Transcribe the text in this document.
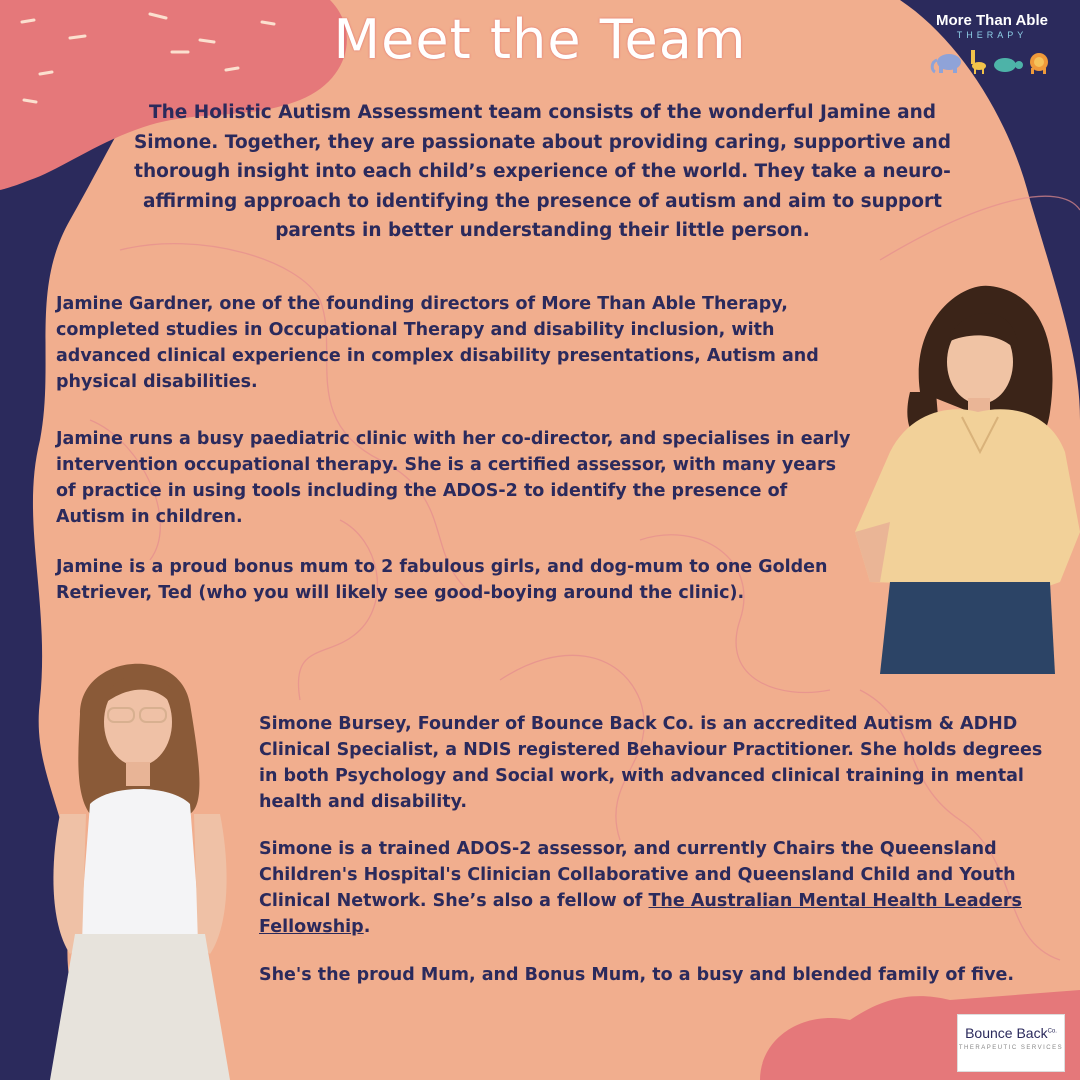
Meet the Team	More Than Able
THERAPY

The Holistic Autism Assessment team consists of the wonderful Jamine and Simone. Together, they are passionate about providing caring, supportive and thorough insight into each child’s experience of the world. They take a neuro-affirming approach to identifying the presence of autism and aim to support parents in better understanding their little person.

Jamine Gardner, one of the founding directors of More Than Able Therapy, completed studies in Occupational Therapy and disability inclusion, with advanced clinical experience in complex disability presentations, Autism and physical disabilities.

Jamine runs a busy paediatric clinic with her co-director, and specialises in early intervention occupational therapy. She is a certified assessor, with many years of practice in using tools including the ADOS-2 to identify the presence of Autism in children.

Jamine is a proud bonus mum to 2 fabulous girls, and dog-mum to one Golden Retriever, Ted (who you will likely see good-boying around the clinic).

Simone Bursey, Founder of Bounce Back Co. is an accredited Autism & ADHD Clinical Specialist, a NDIS registered Behaviour Practitioner. She holds degrees in both Psychology and Social work, with advanced clinical training in mental health and disability.

Simone is a trained ADOS-2 assessor, and currently Chairs the Queensland Children's Hospital's Clinician Collaborative and Queensland Child and Youth Clinical Network. She’s also a fellow of The Australian Mental Health Leaders Fellowship.

She's the proud Mum, and Bonus Mum, to a busy and blended family of five.

Bounce Back$^{Co.}$
THERAPEUTIC SERVICES
